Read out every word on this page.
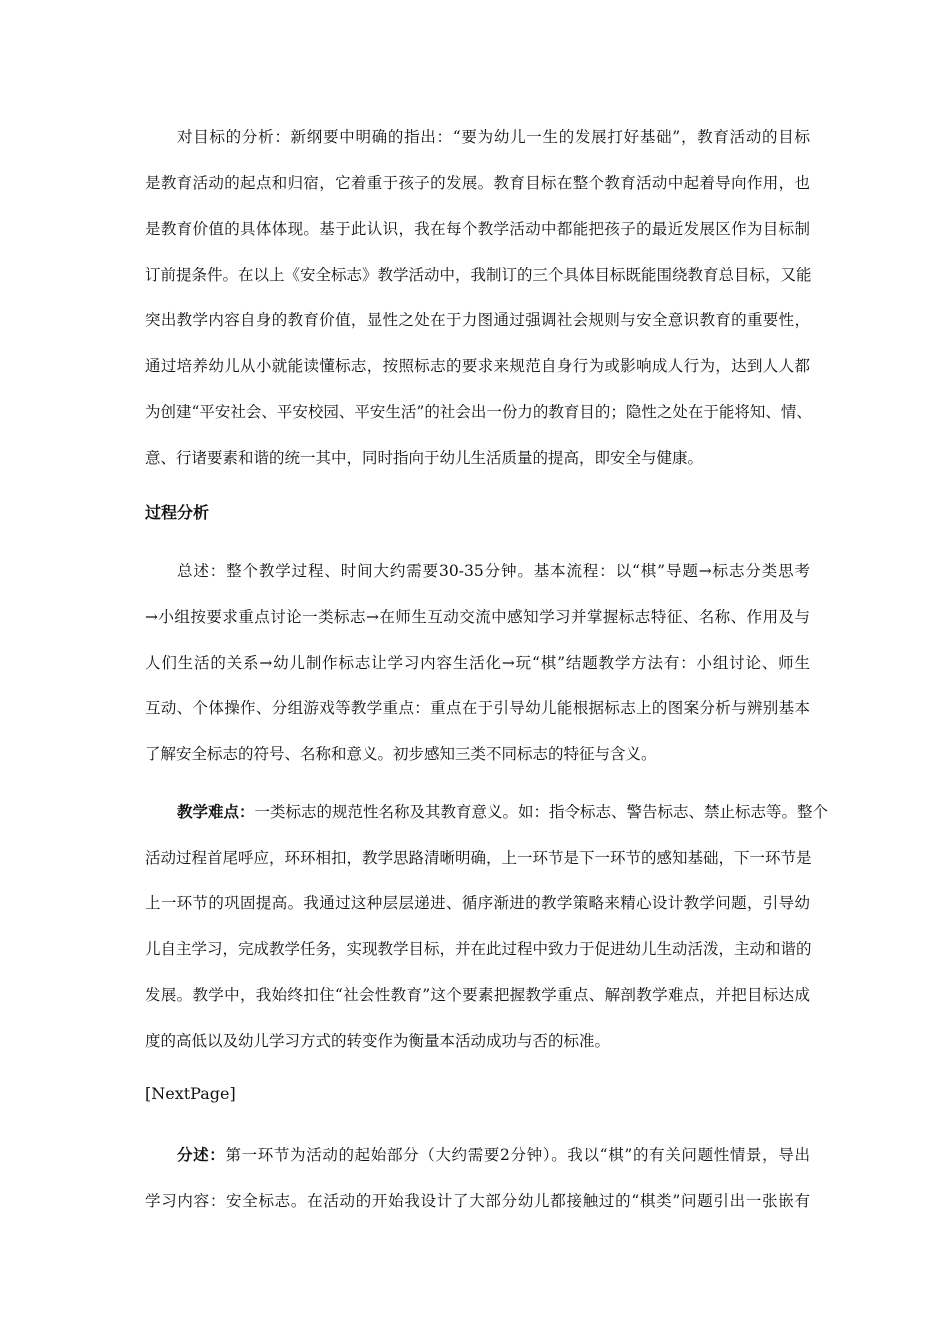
对目标的分析：新纲要中明确的指出：“要为幼儿一生的发展打好基础”，教育活动的目标
是教育活动的起点和归宿，它着重于孩子的发展。教育目标在整个教育活动中起着导向作用，也
是教育价值的具体体现。基于此认识，我在每个教学活动中都能把孩子的最近发展区作为目标制
订前提条件。在以上《安全标志》教学活动中，我制订的三个具体目标既能围绕教育总目标，又能
突出教学内容自身的教育价值，显性之处在于力图通过强调社会规则与安全意识教育的重要性，
通过培养幼儿从小就能读懂标志，按照标志的要求来规范自身行为或影响成人行为，达到人人都
为创建“平安社会、平安校园、平安生活”的社会出一份力的教育目的；隐性之处在于能将知、情、
意、行诸要素和谐的统一其中，同时指向于幼儿生活质量的提高，即安全与健康。
过程分析
总述：整个教学过程、时间大约需要30-35分钟。基本流程：以“棋”导题→标志分类思考
→小组按要求重点讨论一类标志→在师生互动交流中感知学习并掌握标志特征、名称、作用及与
人们生活的关系→幼儿制作标志让学习内容生活化→玩“棋”结题教学方法有：小组讨论、师生
互动、个体操作、分组游戏等教学重点：重点在于引导幼儿能根据标志上的图案分析与辨别基本
了解安全标志的符号、名称和意义。初步感知三类不同标志的特征与含义。
教学难点：一类标志的规范性名称及其教育意义。如：指令标志、警告标志、禁止标志等。整个
活动过程首尾呼应，环环相扣，教学思路清晰明确，上一环节是下一环节的感知基础，下一环节是
上一环节的巩固提高。我通过这种层层递进、循序渐进的教学策略来精心设计教学问题，引导幼
儿自主学习，完成教学任务，实现教学目标，并在此过程中致力于促进幼儿生动活泼，主动和谐的
发展。教学中，我始终扣住“社会性教育”这个要素把握教学重点、解剖教学难点，并把目标达成
度的高低以及幼儿学习方式的转变作为衡量本活动成功与否的标准。
[NextPage]
分述：第一环节为活动的起始部分（大约需要2分钟）。我以“棋”的有关问题性情景，导出
学习内容：安全标志。在活动的开始我设计了大部分幼儿都接触过的“棋类”问题引出一张嵌有
